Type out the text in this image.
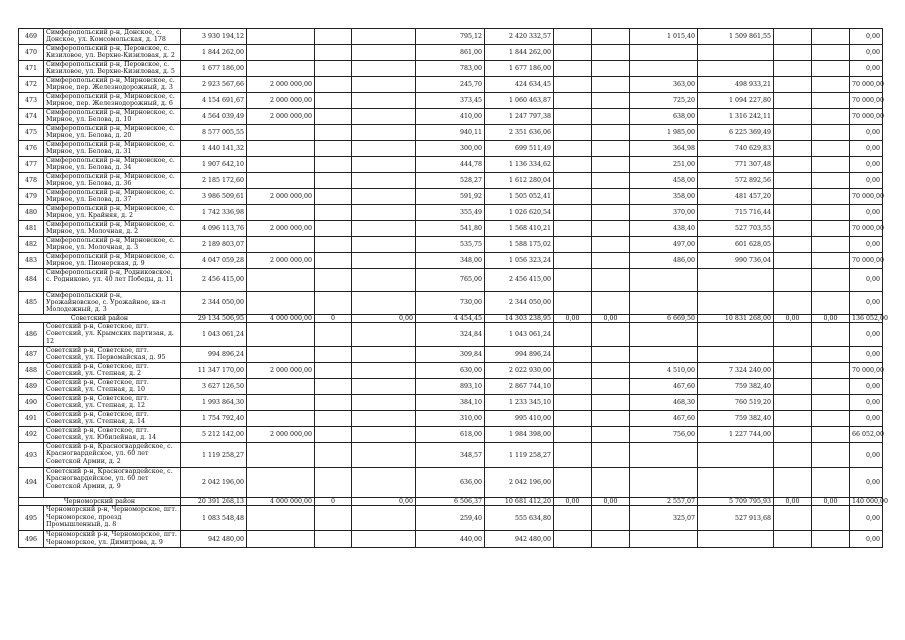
469	Симферопольский р-н, Донское, с. Донское, ул. Комсомольская, д. 178	3 930 194,12				795,12	2 420 332,57			1 015,40	1 509 861,55			0,00
470	Симферопольский р-н, Перовское, с. Кизиловое, ул. Верхне-Кизиловая, д. 2	1 844 262,00				861,00	1 844 262,00							0,00
471	Симферопольский р-н, Перовское, с. Кизиловое, ул. Верхне-Кизиловая, д. 5	1 677 186,00				783,00	1 677 186,00							0,00
472	Симферопольский р-н, Мирновское, с. Мирное, пер. Железнодорожный, д. 3	2 923 567,66	2 000 000,00			245,70	424 634,45			363,00	498 933,21			70 000,00
473	Симферопольский р-н, Мирновское, с. Мирное, пер. Железнодорожный, д. 6	4 154 691,67	2 000 000,00			373,45	1 060 463,87			725,20	1 094 227,80			70 000,00
474	Симферопольский р-н, Мирновское, с. Мирное, ул. Белова, д. 10	4 564 039,49	2 000 000,00			410,00	1 247 797,38			638,00	1 316 242,11			70 000,00
475	Симферопольский р-н, Мирновское, с. Мирное, ул. Белова, д. 20	8 577 005,55				940,11	2 351 636,06			1 985,00	6 225 369,49			0,00
476	Симферопольский р-н, Мирновское, с. Мирное, ул. Белова, д. 31	1 440 141,32				300,00	699 511,49			364,98	740 629,83			0,00
477	Симферопольский р-н, Мирновское, с. Мирное, ул. Белова, д. 34	1 907 642,10				444,78	1 136 334,62			251,00	771 307,48			0,00
478	Симферопольский р-н, Мирновское, с. Мирное, ул. Белова, д. 36	2 185 172,60				528,27	1 612 280,04			458,00	572 892,56			0,00
479	Симферопольский р-н, Мирновское, с. Мирное, ул. Белова, д. 37	3 986 509,61	2 000 000,00			591,92	1 505 052,41			358,00	481 457,20			70 000,00
480	Симферопольский р-н, Мирновское, с. Мирное, ул. Крайняя, д. 2	1 742 336,98				355,49	1 026 620,54			370,00	715 716,44			0,00
481	Симферопольский р-н, Мирновское, с. Мирное, ул. Молочная, д. 2	4 096 113,76	2 000 000,00			541,80	1 568 410,21			438,40	527 703,55			70 000,00
482	Симферопольский р-н, Мирновское, с. Мирное, ул. Молочная, д. 3	2 189 803,07				535,75	1 588 175,02			497,00	601 628,05			0,00
483	Симферопольский р-н, Мирновское, с. Мирное, ул. Пионерская, д. 9	4 047 059,28	2 000 000,00			348,00	1 056 323,24			486,00	990 736,04			70 000,00
484	Симферопольский р-н, Родниковское, с. Родниково, ул. 40 лет Победы, д. 11	2 456 415,00				765,00	2 456 415,00							0,00
485	Симферопольский р-н, Урожайновское, с. Урожайное, кв-л Молодежный, д. 3	2 344 050,00				730,00	2 344 050,00							0,00
Советский район		29 134 506,95	4 000 000,00	0	0,00	4 454,45	14 303 238,95	0,00	0,00	6 669,50	10 831 268,00	0,00	0,00	136 052,00
486	Советский р-н, Советское, пгт. Советский, ул. Крымских партизан, д. 12	1 043 061,24				324,84	1 043 061,24							0,00
487	Советский р-н, Советское, пгт. Советский, ул. Первомайская, д. 95	994 896,24				309,84	994 896,24							0,00
488	Советский р-н, Советское, пгт. Советский, ул. Степная, д. 2	11 347 170,00	2 000 000,00			630,00	2 022 930,00			4 510,00	7 324 240,00			70 000,00
489	Советский р-н, Советское, пгт. Советский, ул. Степная, д. 10	3 627 126,50				893,10	2 867 744,10			467,60	759 382,40			0,00
490	Советский р-н, Советское, пгт. Советский, ул. Степная, д. 12	1 993 864,30				384,10	1 233 345,10			468,30	760 519,20			0,00
491	Советский р-н, Советское, пгт. Советский, ул. Степная, д. 14	1 754 792,40				310,00	995 410,00			467,60	759 382,40			0,00
492	Советский р-н, Советское, пгт. Советский, ул. Юбилейная, д. 14	5 212 142,00	2 000 000,00			618,00	1 984 398,00			756,00	1 227 744,00			66 052,00
493	Советский р-н, Красногвардейское, с. Красногвардейское, ул. 60 лет Советской Армии, д. 2	1 119 258,27				348,57	1 119 258,27							0,00
494	Советский р-н, Красногвардейское, с. Красногвардейское, ул. 60 лет Советской Армии, д. 9	2 042 196,00				636,00	2 042 196,00							0,00
Черноморский район		20 391 268,13	4 000 000,00	0	0,00	6 506,37	10 681 412,20	0,00	0,00	2 557,07	5 709 795,93	0,00	0,00	140 000,00
495	Черноморский р-н, Черноморское, пгт. Черноморское, проезд Промышленный, д. 8	1 083 548,48				259,40	555 634,80			325,07	527 913,68			0,00
496	Черноморский р-н, Черноморское, пгт. Черноморское, ул. Димитрова, д. 9	942 480,00				440,00	942 480,00							0,00
